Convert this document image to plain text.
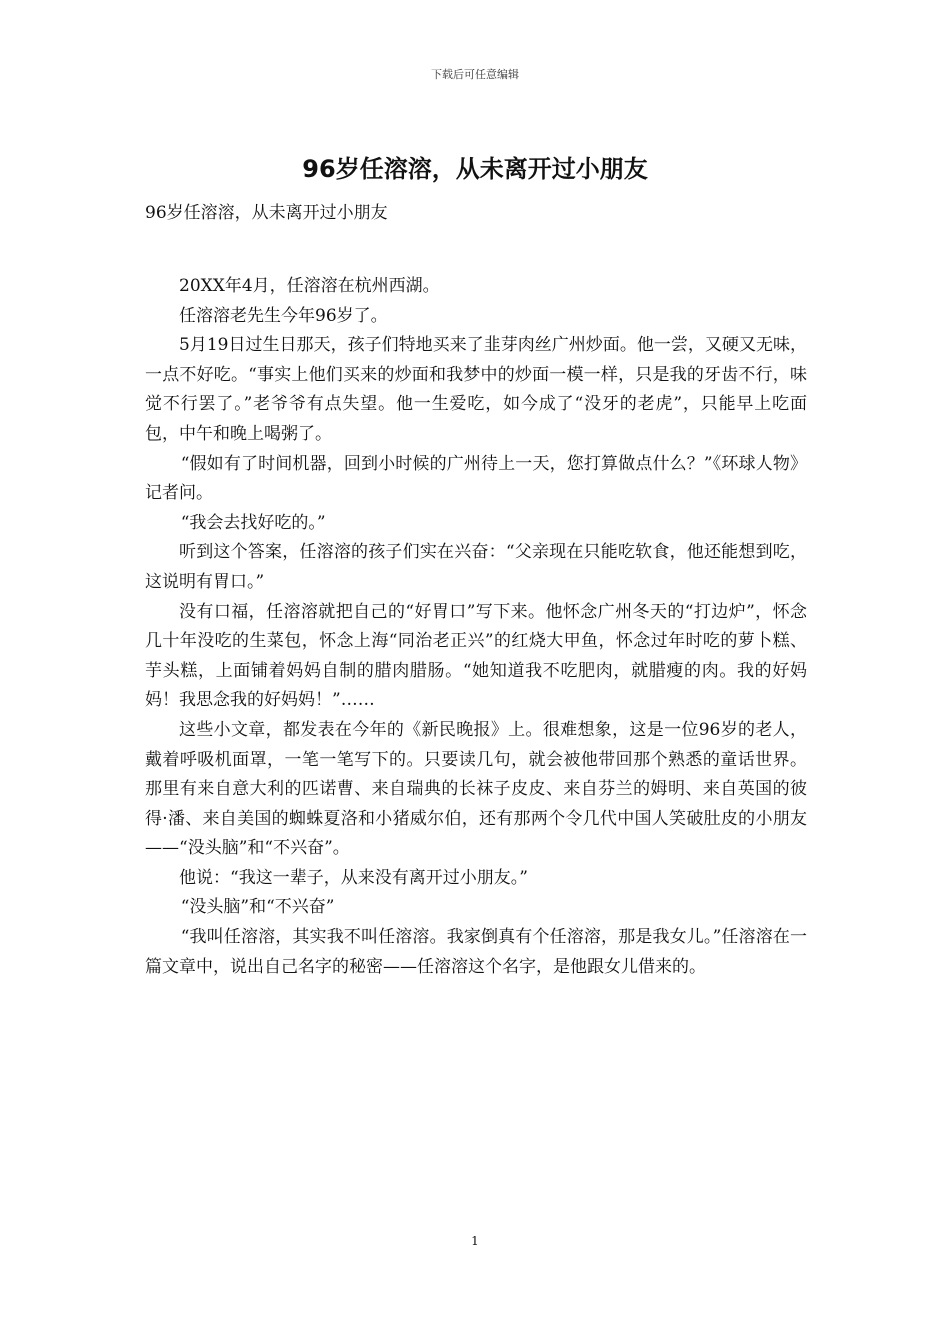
下载后可任意编辑
96岁任溶溶，从未离开过小朋友

96岁任溶溶，从未离开过小朋友

20XX年4月，任溶溶在杭州西湖。

任溶溶老先生今年96岁了。

5月19日过生日那天，孩子们特地买来了韭芽肉丝广州炒面。他一尝，又硬又无味，一点不好吃。“事实上他们买来的炒面和我梦中的炒面一模一样，只是我的牙齿不行，味觉不行罢了。”老爷爷有点失望。他一生爱吃，如今成了“没牙的老虎”，只能早上吃面包，中午和晚上喝粥了。

“假如有了时间机器，回到小时候的广州待上一天，您打算做点什么？”《环球人物》记者问。

“我会去找好吃的。”

听到这个答案，任溶溶的孩子们实在兴奋：“父亲现在只能吃软食，他还能想到吃，这说明有胃口。”

没有口福，任溶溶就把自己的“好胃口”写下来。他怀念广州冬天的“打边炉”，怀念几十年没吃的生菜包，怀念上海“同治老正兴”的红烧大甲鱼，怀念过年时吃的萝卜糕、芋头糕，上面铺着妈妈自制的腊肉腊肠。“她知道我不吃肥肉，就腊瘦的肉。我的好妈妈！我思念我的好妈妈！”……

这些小文章，都发表在今年的《新民晚报》上。很难想象，这是一位96岁的老人，戴着呼吸机面罩，一笔一笔写下的。只要读几句，就会被他带回那个熟悉的童话世界。那里有来自意大利的匹诺曹、来自瑞典的长袜子皮皮、来自芬兰的姆明、来自英国的彼得·潘、来自美国的蜘蛛夏洛和小猪威尔伯，还有那两个令几代中国人笑破肚皮的小朋友——“没头脑”和“不兴奋”。

他说：“我这一辈子，从来没有离开过小朋友。”

“没头脑”和“不兴奋”

“我叫任溶溶，其实我不叫任溶溶。我家倒真有个任溶溶，那是我女儿。”任溶溶在一篇文章中，说出自己名字的秘密——任溶溶这个名字，是他跟女儿借来的。

1
